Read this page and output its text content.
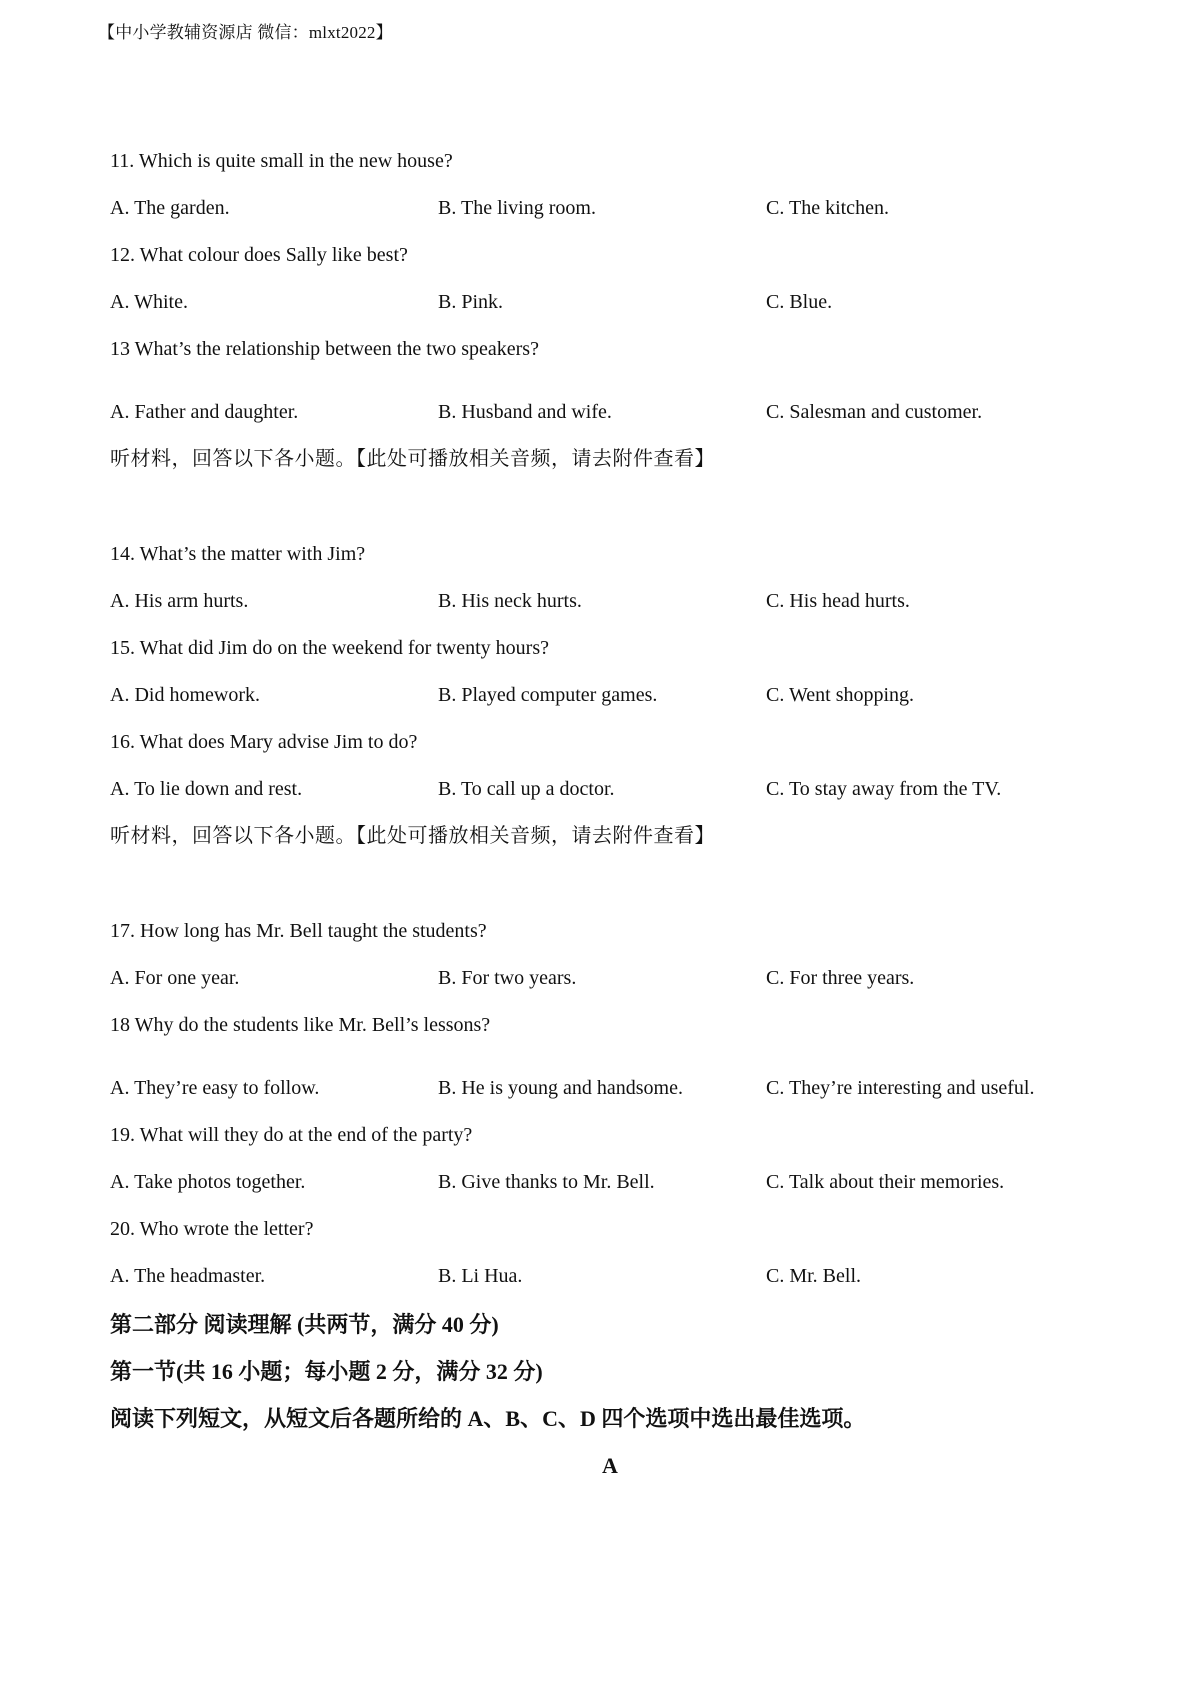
【中小学教辅资源店 微信：mlxt2022】
11. Which is quite small in the new house?
A. The garden.	B. The living room.	C. The kitchen.
12. What colour does Sally like best?
A. White.	B. Pink.	C. Blue.
13 What’s the relationship between the two speakers?
A. Father and daughter.	B. Husband and wife.	C. Salesman and customer.
听材料，回答以下各小题。【此处可播放相关音频，请去附件查看】
14. What’s the matter with Jim?
A. His arm hurts.	B. His neck hurts.	C. His head hurts.
15. What did Jim do on the weekend for twenty hours?
A. Did homework.	B. Played computer games.	C. Went shopping.
16. What does Mary advise Jim to do?
A. To lie down and rest.	B. To call up a doctor.	C. To stay away from the TV.
听材料，回答以下各小题。【此处可播放相关音频，请去附件查看】
17. How long has Mr. Bell taught the students?
A. For one year.	B. For two years.	C. For three years.
18 Why do the students like Mr. Bell’s lessons?
A. They’re easy to follow.	B. He is young and handsome.	C. They’re interesting and useful.
19. What will they do at the end of the party?
A. Take photos together.	B. Give thanks to Mr. Bell.	C. Talk about their memories.
20. Who wrote the letter?
A. The headmaster.	B. Li Hua.	C. Mr. Bell.
第二部分 阅读理解 (共两节，满分 40 分)
第一节(共 16 小题；每小题 2 分，满分 32 分)
阅读下列短文，从短文后各题所给的 A、B、C、D 四个选项中选出最佳选项。
A
